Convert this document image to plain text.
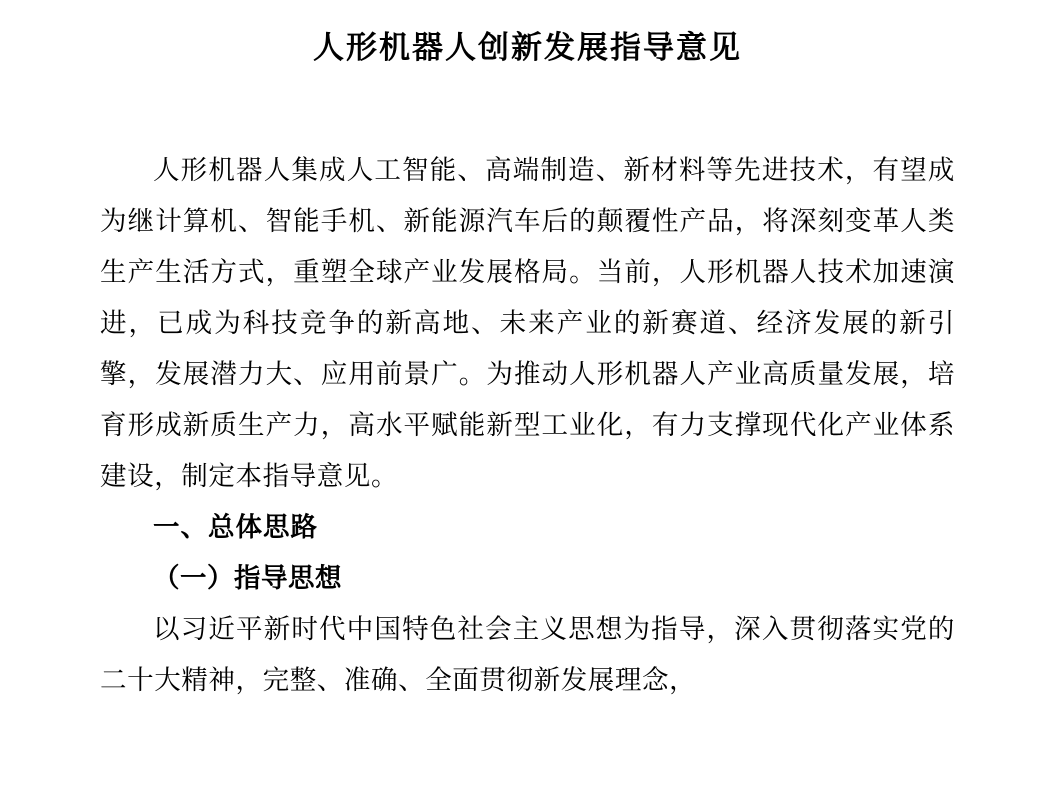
人形机器人创新发展指导意见

人形机器人集成人工智能、高端制造、新材料等先进技术，有望成为继计算机、智能手机、新能源汽车后的颠覆性产品，将深刻变革人类生产生活方式，重塑全球产业发展格局。当前，人形机器人技术加速演进，已成为科技竞争的新高地、未来产业的新赛道、经济发展的新引擎，发展潜力大、应用前景广。为推动人形机器人产业高质量发展，培育形成新质生产力，高水平赋能新型工业化，有力支撑现代化产业体系建设，制定本指导意见。

一、总体思路

（一）指导思想

以习近平新时代中国特色社会主义思想为指导，深入贯彻落实党的二十大精神，完整、准确、全面贯彻新发展理念，
